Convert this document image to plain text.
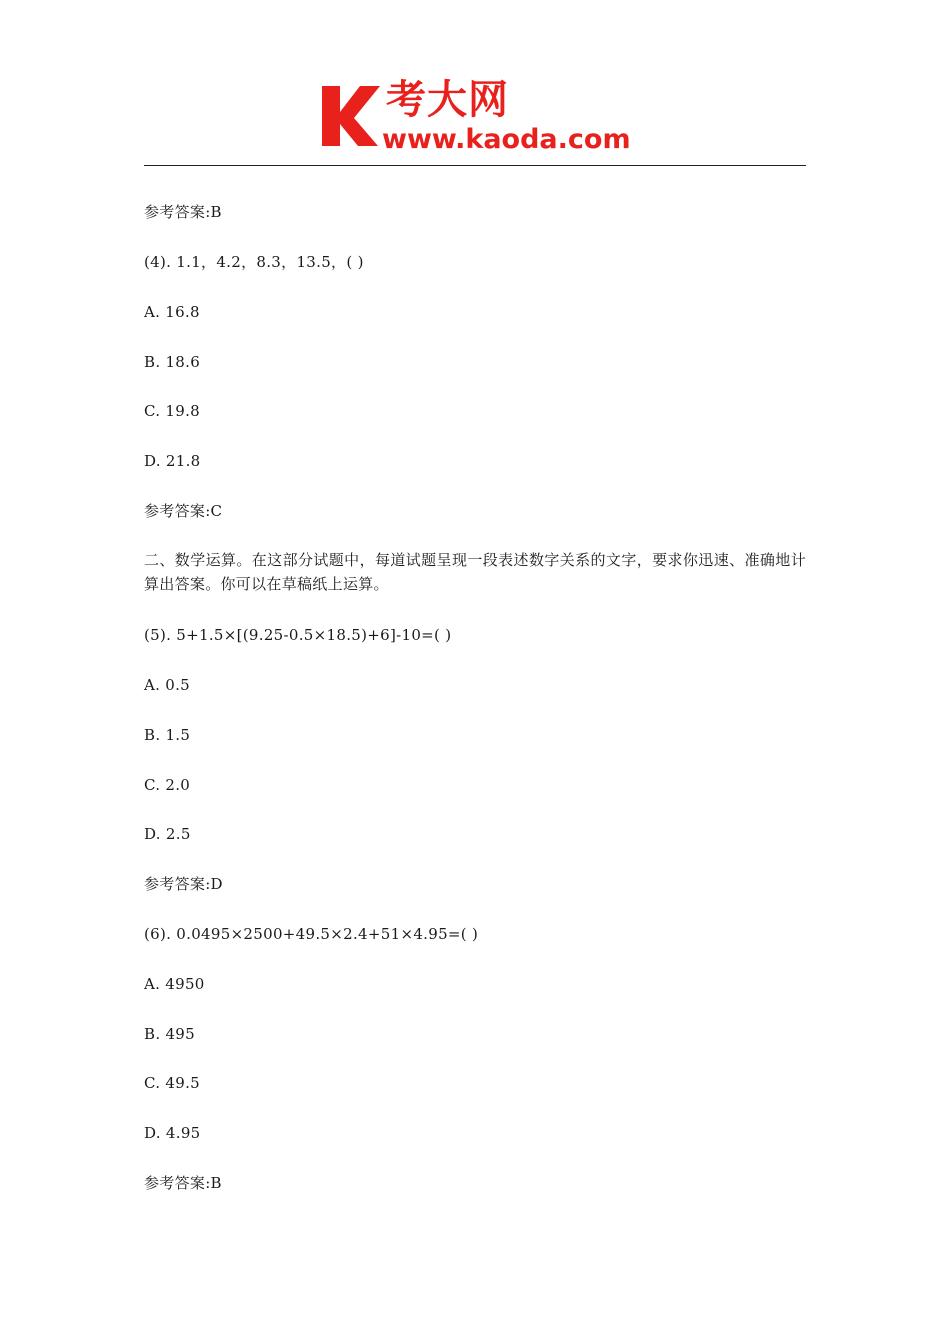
考大网
www.kaoda.com
参考答案:B
(4). 1.1，4.2，8.3，13.5，( )
A. 16.8
B. 18.6
C. 19.8
D. 21.8
参考答案:C
二、数学运算。在这部分试题中，每道试题呈现一段表述数字关系的文字，要求你迅速、准确地计算出答案。你可以在草稿纸上运算。
(5). 5+1.5×[(9.25-0.5×18.5)+6]-10=( )
A. 0.5
B. 1.5
C. 2.0
D. 2.5
参考答案:D
(6). 0.0495×2500+49.5×2.4+51×4.95=( )
A. 4950
B. 495
C. 49.5
D. 4.95
参考答案:B
